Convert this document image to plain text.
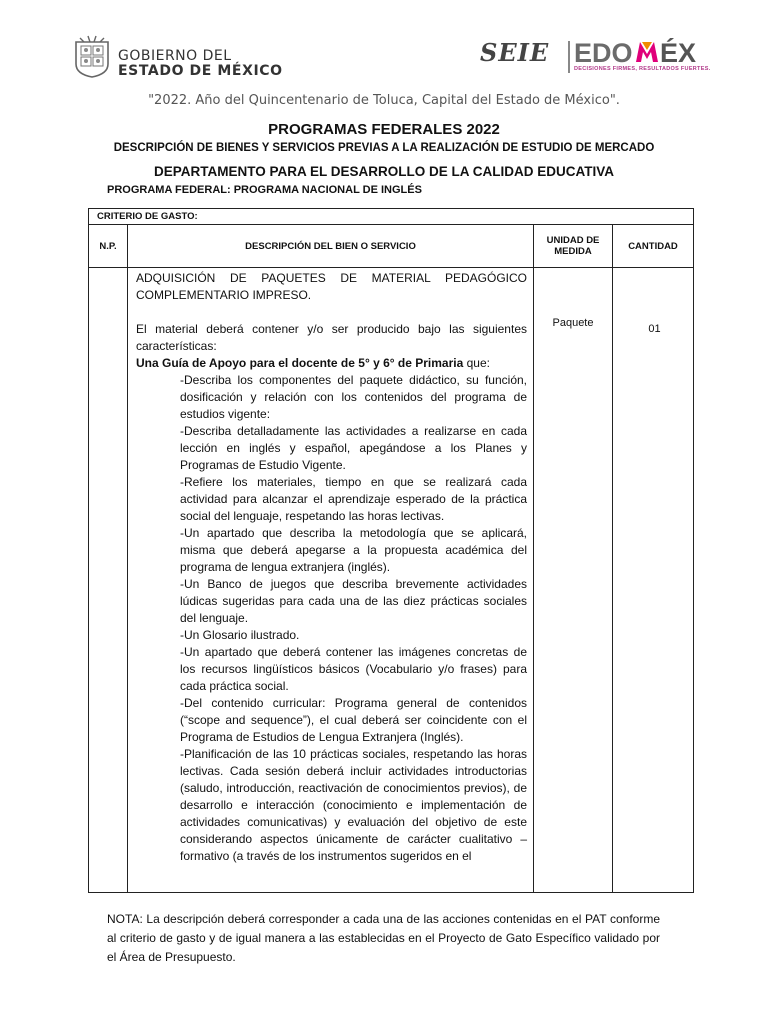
GOBIERNO DEL
ESTADO DE MÉXICO
SEIE EDO ÉX
DECISIONES FIRMES, RESULTADOS FUERTES.
"2022. Año del Quincentenario de Toluca, Capital del Estado de México".
PROGRAMAS FEDERALES 2022
DESCRIPCIÓN DE BIENES Y SERVICIOS PREVIAS A LA REALIZACIÓN DE ESTUDIO DE MERCADO
DEPARTAMENTO PARA EL DESARROLLO DE LA CALIDAD EDUCATIVA
PROGRAMA FEDERAL: PROGRAMA NACIONAL DE INGLÉS
CRITERIO DE GASTO:
N.P.	DESCRIPCIÓN DEL BIEN O SERVICIO	UNIDAD DE MEDIDA	CANTIDAD

ADQUISICIÓN DE PAQUETES DE MATERIAL PEDAGÓGICO COMPLEMENTARIO IMPRESO.

El material deberá contener y/o ser producido bajo las siguientes características:

Una Guía de Apoyo para el docente de 5° y 6° de Primaria que:

-Describa los componentes del paquete didáctico, su función, dosificación y relación con los contenidos del programa de estudios vigente:

-Describa detalladamente las actividades a realizarse en cada lección en inglés y español, apegándose a los Planes y Programas de Estudio Vigente.

-Refiere los materiales, tiempo en que se realizará cada actividad para alcanzar el aprendizaje esperado de la práctica social del lenguaje, respetando las horas lectivas.

-Un apartado que describa la metodología que se aplicará, misma que deberá apegarse a la propuesta académica del programa de lengua extranjera (inglés).

-Un Banco de juegos que describa brevemente actividades lúdicas sugeridas para cada una de las diez prácticas sociales del lenguaje.

-Un Glosario ilustrado.

-Un apartado que deberá contener las imágenes concretas de los recursos lingüísticos básicos (Vocabulario y/o frases) para cada práctica social.

-Del contenido curricular: Programa general de contenidos (“scope and sequence”), el cual deberá ser coincidente con el Programa de Estudios de Lengua Extranjera (Inglés).

-Planificación de las 10 prácticas sociales, respetando las horas lectivas. Cada sesión deberá incluir actividades introductorias (saludo, introducción, reactivación de conocimientos previos), de desarrollo e interacción (conocimiento e implementación de actividades comunicativas) y evaluación del objetivo de este considerando aspectos únicamente de carácter cualitativo – formativo (a través de los instrumentos sugeridos en el

Paquete	01
NOTA: La descripción deberá corresponder a cada una de las acciones contenidas en el PAT conforme al criterio de gasto y de igual manera a las establecidas en el Proyecto de Gato Específico validado por el Área de Presupuesto.
